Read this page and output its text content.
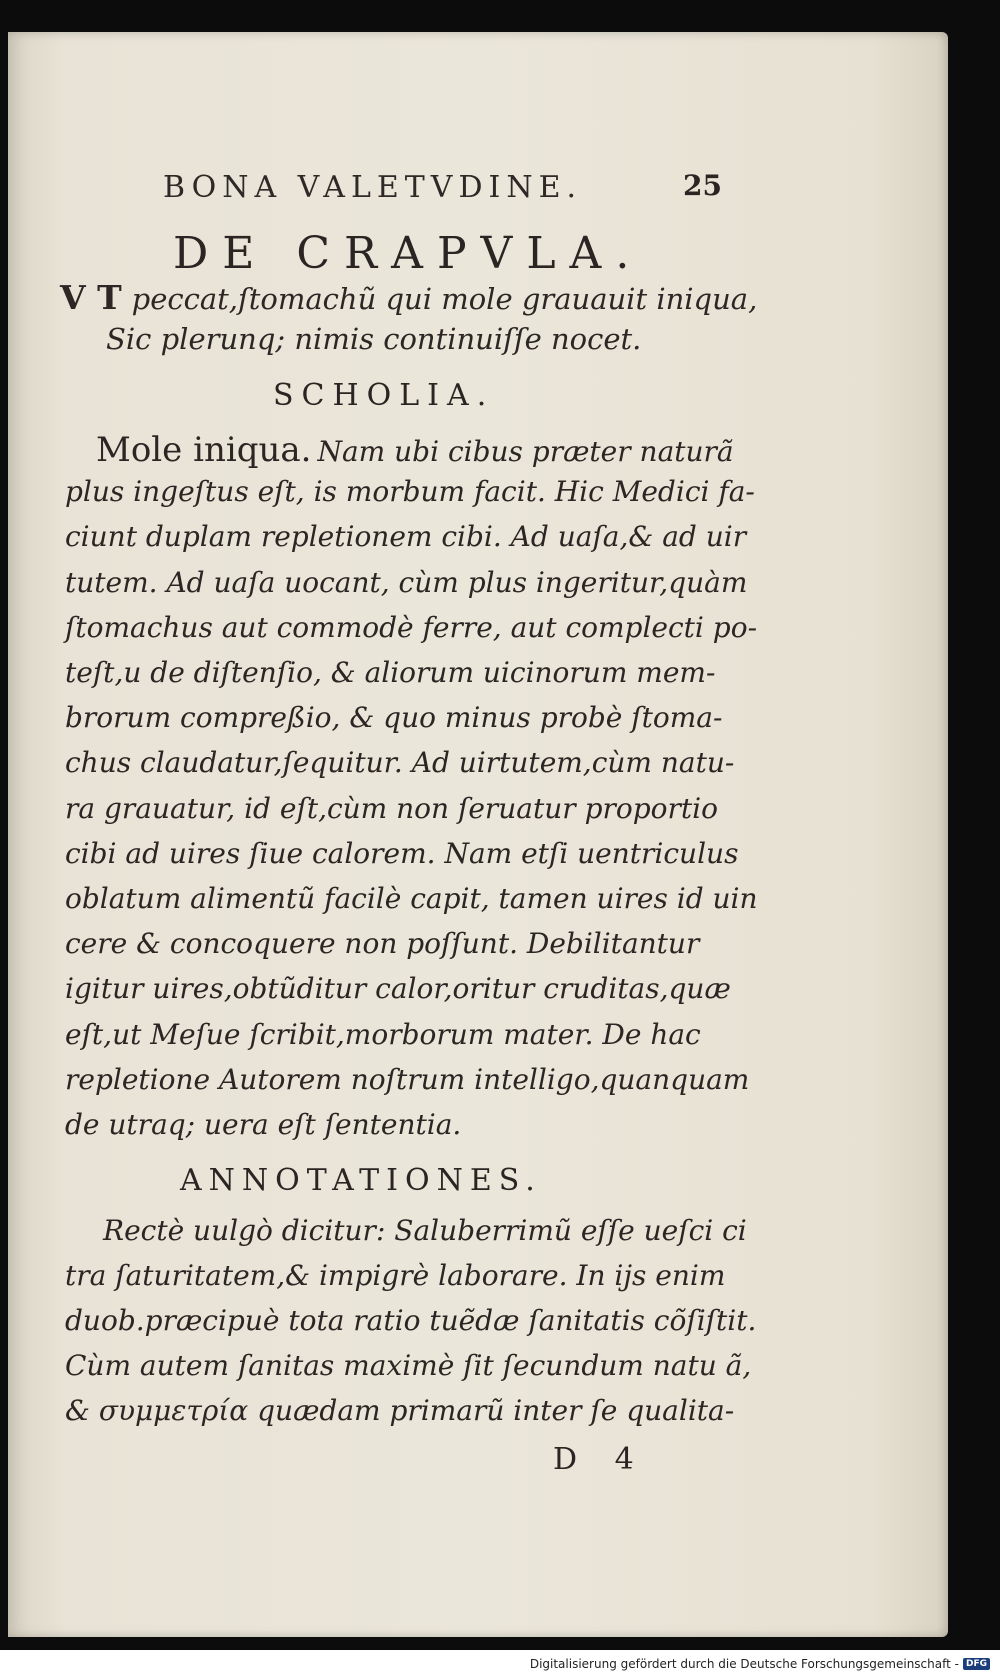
BONA VALETVDINE.	25
DE CRAPVLA.
V T peccat,ſtomachũ qui mole grauauit iniqua,
Sic plerunq; nimis continuiſſe nocet.
SCHOLIA.
Mole iniqua. Nam ubi cibus præter naturã
plus ingeſtus eſt, is morbum facit. Hic Medici fa-
ciunt duplam repletionem cibi. Ad uaſa,& ad uir
tutem. Ad uaſa uocant, cùm plus ingeritur,quàm
ſtomachus aut commodè ferre, aut complecti po-
teſt,u de diſtenſio, & aliorum uicinorum mem-
brorum compreßio, & quo minus probè ſtoma-
chus claudatur,ſequitur. Ad uirtutem,cùm natu-
ra grauatur, id eſt,cùm non ſeruatur proportio
cibi ad uires ſiue calorem. Nam etſi uentriculus
oblatum alimentũ facilè capit, tamen uires id uin
cere & concoquere non poſſunt. Debilitantur
igitur uires,obtũditur calor,oritur cruditas,quæ
eſt,ut Meſue ſcribit,morborum mater. De hac
repletione Autorem noſtrum intelligo,quanquam
de utraq; uera eſt ſententia.
ANNOTATIONES.
Rectè uulgò dicitur: Saluberrimũ eſſe ueſci ci
tra ſaturitatem,& impigrè laborare. In ijs enim
duob.præcipuè tota ratio tuẽdæ ſanitatis cõſiſtit.
Cùm autem ſanitas maximè ſit ſecundum natu ã,
& συμμετρία quædam primarũ inter ſe qualita-
D 4
Digitalisierung gefördert durch die Deutsche Forschungsgemeinschaft - DFG
